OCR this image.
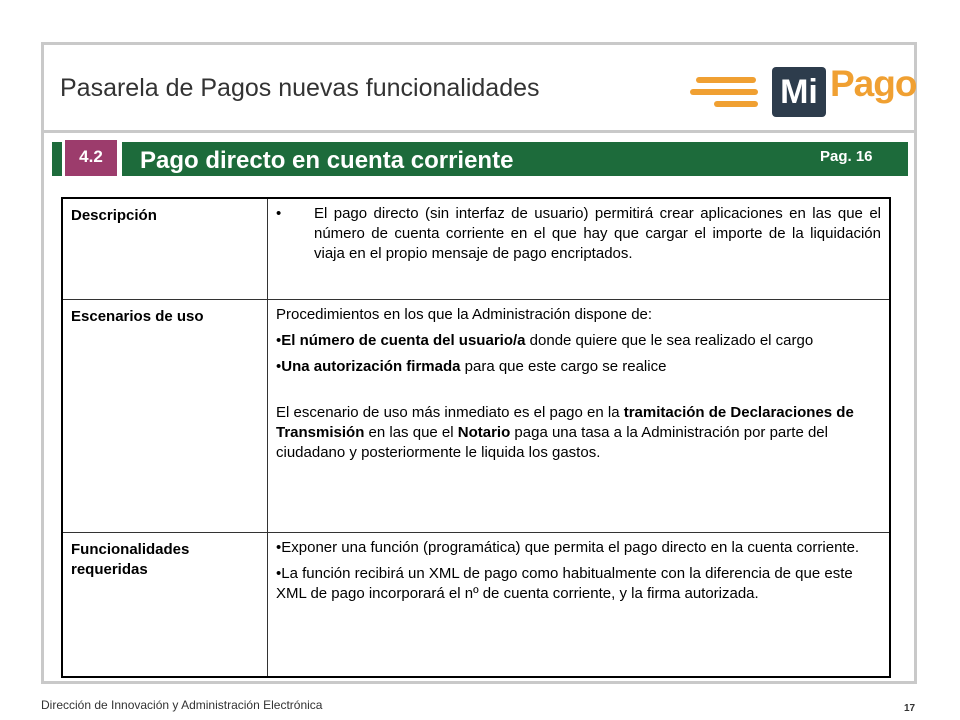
Pasarela de Pagos nuevas funcionalidades	Mi Pago
4.2	Pago directo en cuenta corriente	Pag. 16
Descripción	• El pago directo (sin interfaz de usuario) permitirá crear aplicaciones en las que el número de cuenta corriente en el que hay que cargar el importe de la liquidación viaja en el propio mensaje de pago encriptados.

Escenarios de uso	Procedimientos en los que la Administración dispone de:

•El número de cuenta del usuario/a donde quiere que le sea realizado el cargo

•Una autorización firmada para que este cargo se realice

El escenario de uso más inmediato es el pago en la tramitación de Declaraciones de Transmisión en las que el Notario paga una tasa a la Administración por parte del ciudadano y posteriormente le liquida los gastos.

Funcionalidades requeridas	•Exponer una función (programática) que permita el pago directo en la cuenta corriente.

•La función recibirá un XML de pago como habitualmente con la diferencia de que este XML de pago incorporará el nº de cuenta corriente, y la firma autorizada.

Dirección de Innovación y Administración Electrónica	17
